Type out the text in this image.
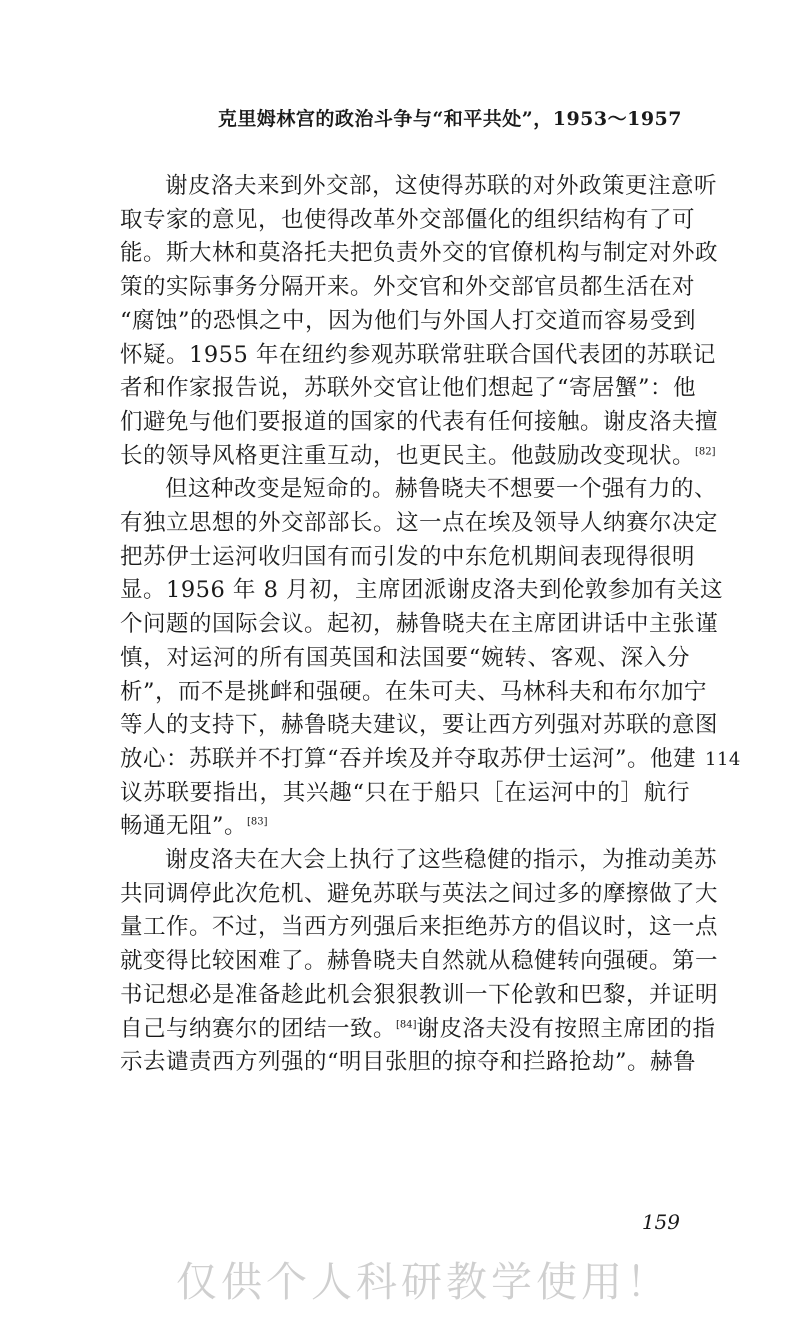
克里姆林宫的政治斗争与“和平共处”，1953～1957

谢皮洛夫来到外交部，这使得苏联的对外政策更注意听
取专家的意见，也使得改革外交部僵化的组织结构有了可
能。斯大林和莫洛托夫把负责外交的官僚机构与制定对外政
策的实际事务分隔开来。外交官和外交部官员都生活在对
“腐蚀”的恐惧之中，因为他们与外国人打交道而容易受到
怀疑。1955 年在纽约参观苏联常驻联合国代表团的苏联记
者和作家报告说，苏联外交官让他们想起了“寄居蟹”：他
们避免与他们要报道的国家的代表有任何接触。谢皮洛夫擅
长的领导风格更注重互动，也更民主。他鼓励改变现状。[82]

但这种改变是短命的。赫鲁晓夫不想要一个强有力的、
有独立思想的外交部部长。这一点在埃及领导人纳赛尔决定
把苏伊士运河收归国有而引发的中东危机期间表现得很明
显。1956 年 8 月初，主席团派谢皮洛夫到伦敦参加有关这
个问题的国际会议。起初，赫鲁晓夫在主席团讲话中主张谨
慎，对运河的所有国英国和法国要“婉转、客观、深入分
析”，而不是挑衅和强硬。在朱可夫、马林科夫和布尔加宁
等人的支持下，赫鲁晓夫建议，要让西方列强对苏联的意图
放心：苏联并不打算“吞并埃及并夺取苏伊士运河”。他建
议苏联要指出，其兴趣“只在于船只［在运河中的］航行
畅通无阻”。[83]

谢皮洛夫在大会上执行了这些稳健的指示，为推动美苏
共同调停此次危机、避免苏联与英法之间过多的摩擦做了大
量工作。不过，当西方列强后来拒绝苏方的倡议时，这一点
就变得比较困难了。赫鲁晓夫自然就从稳健转向强硬。第一
书记想必是准备趁此机会狠狠教训一下伦敦和巴黎，并证明
自己与纳赛尔的团结一致。[84]谢皮洛夫没有按照主席团的指
示去谴责西方列强的“明目张胆的掠夺和拦路抢劫”。赫鲁

114
159
仅供个人科研教学使用！
